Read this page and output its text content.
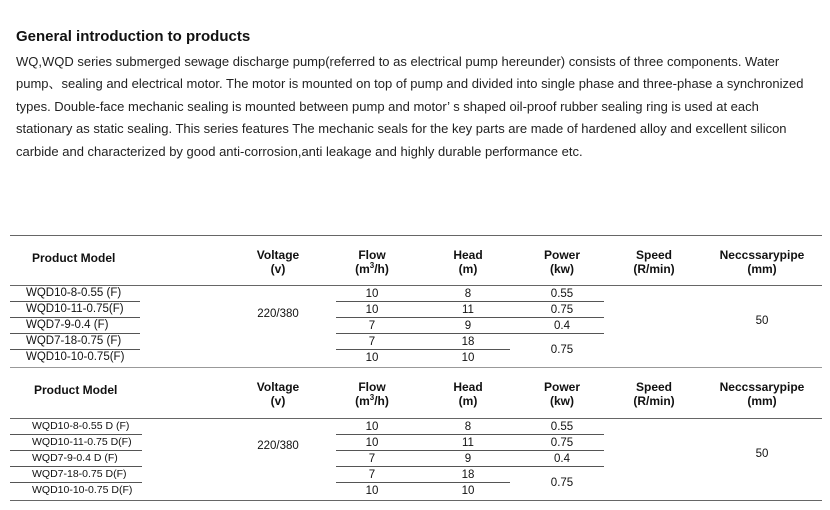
General introduction to products
WQ,WQD series submerged sewage discharge pump(referred to as electrical pump hereunder) consists of three components. Water
pump、sealing and electrical motor. The motor is mounted on top of pump and divided into single phase and three-phase a synchronized
types. Double-face mechanic sealing is mounted between pump and motor’ s shaped oil-proof rubber sealing ring is used at each
stationary as static sealing. This series features The mechanic seals for the key parts are made of hardened alloy and excellent silicon
carbide and characterized by good anti-corrosion,anti leakage and highly durable performance etc.
Product Model	Voltage
(v)
Flow
$(m^3/h)$
Head
(m)
Power
(kw)
Speed
(R/min)
Neccssarypipe
(mm)
WQD10-8-0.55 (F)
WQD10-11-0.75(F)
WQD7-9-0.4 (F)
WQD7-18-0.75 (F)
WQD10-10-0.75(F)
220/380
10
10
7
7
10
8
11
9
18
10
0.55
0.75
0.4
0.75
50
Product Model	Voltage
(v)
Flow
$(m^3/h)$
Head
(m)
Power
(kw)
Speed
(R/min)
Neccssarypipe
(mm)
WQD10-8-0.55 D (F)
WQD10-11-0.75 D(F)
WQD7-9-0.4 D (F)
WQD7-18-0.75 D(F)
WQD10-10-0.75 D(F)
220/380
10
10
7
7
10
8
11
9
18
10
0.55
0.75
0.4
0.75
50
